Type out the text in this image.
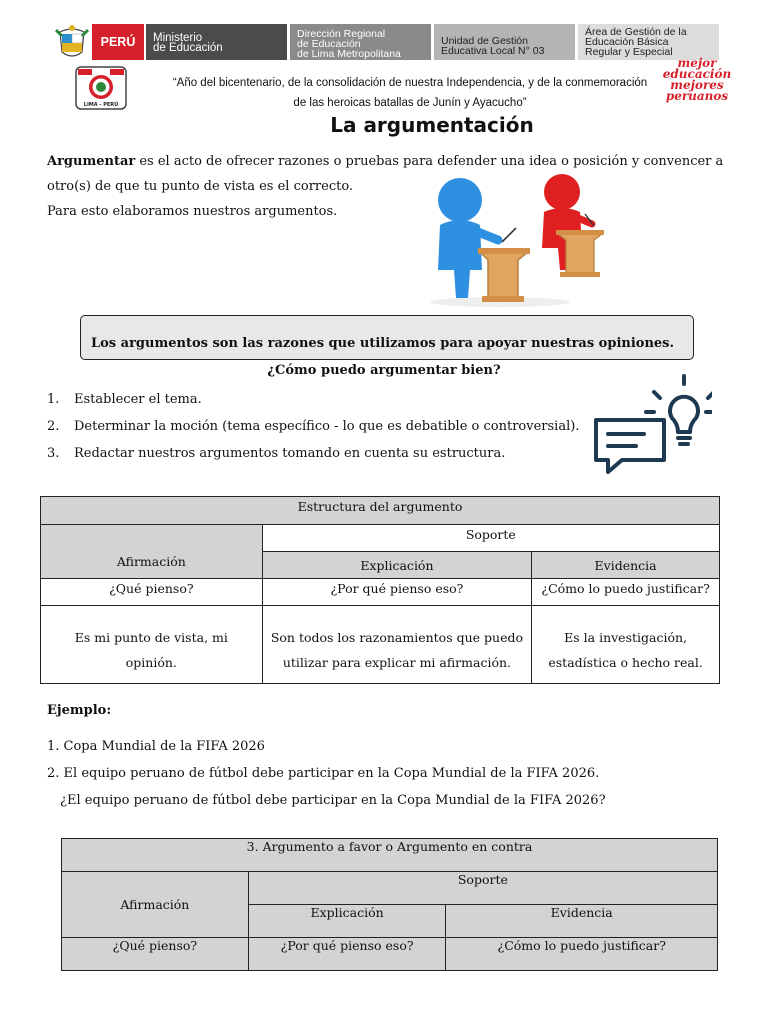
PERÚ	Ministerio
de Educación
Dirección Regional
de Educación
de Lima Metropolitana
Unidad de Gestión
Educativa Local N° 03
Área de Gestión de la
Educación Básica
Regular y Especial
LIMA - PERÚ
“Año del bicentenario, de la consolidación de nuestra Independencia, y de la conmemoración
de las heroicas batallas de Junín y Ayacucho”
mejor
educación
mejores
peruanos
La argumentación
Argumentar es el acto de ofrecer razones o pruebas para defender una idea o posición y convencer a
otro(s) de que tu punto de vista es el correcto.
Para esto elaboramos nuestros argumentos.
Los argumentos son las razones que utilizamos para apoyar nuestras opiniones.
¿Cómo puedo argumentar bien?
1. Establecer el tema.
2. Determinar la moción (tema específico - lo que es debatible o controversial).
3. Redactar nuestros argumentos tomando en cuenta su estructura.
Estructura del argumento		
Afirmación	Soporte	
	Explicación	Evidencia
¿Qué pienso?	¿Por qué pienso eso?	¿Cómo lo puedo justificar?
Es mi punto de vista, mi opinión.	Son todos los razonamientos que puedo utilizar para explicar mi afirmación.	Es la investigación, estadística o hecho real.
Ejemplo:
1. Copa Mundial de la FIFA 2026
2. El equipo peruano de fútbol debe participar en la Copa Mundial de la FIFA 2026.
¿El equipo peruano de fútbol debe participar en la Copa Mundial de la FIFA 2026?
3. Argumento a favor o Argumento en contra		
Afirmación	Soporte	
	Explicación	Evidencia
¿Qué pienso?	¿Por qué pienso eso?	¿Cómo lo puedo justificar?
